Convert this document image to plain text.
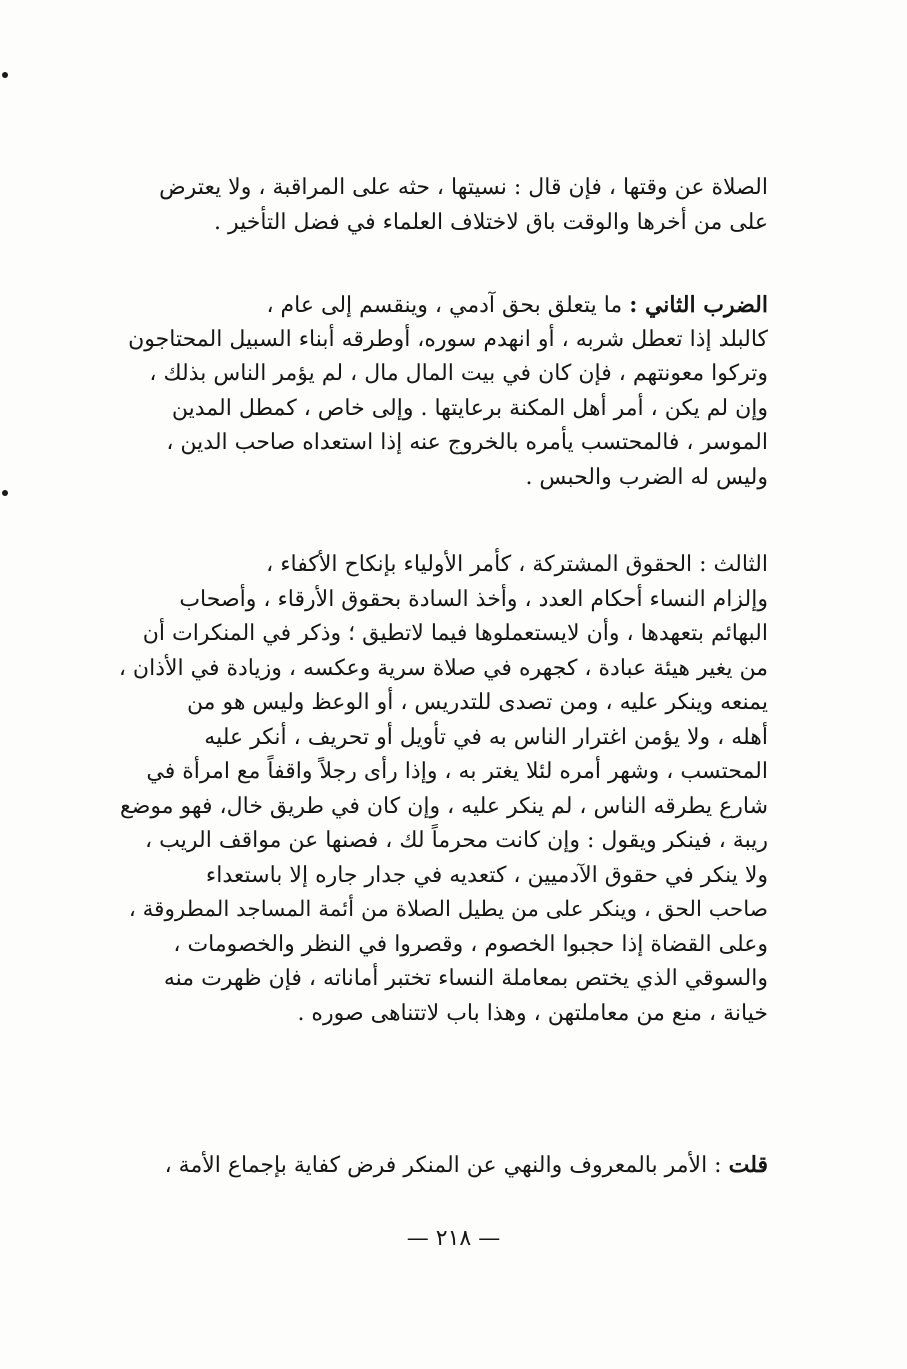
الصلاة عن وقتها ، فإن قال : نسيتها ، حثه على المراقبة ، ولا يعترض
على من أخرها والوقت باق لاختلاف العلماء في فضل التأخير .
الضرب الثاني : ما يتعلق بحق آدمي ، وينقسم إلى عام ،
كالبلد إذا تعطل شربه ، أو انهدم سوره، أوطرقه أبناء السبيل المحتاجون
وتركوا معونتهم ، فإن كان في بيت المال مال ، لم يؤمر الناس بذلك ،
وإن لم يكن ، أمر أهل المكنة برعايتها . وإلى خاص ، كمطل المدين
الموسر ، فالمحتسب يأمره بالخروج عنه إذا استعداه صاحب الدين ،
وليس له الضرب والحبس .
الثالث : الحقوق المشتركة ، كأمر الأولياء بإنكاح الأكفاء ،
وإلزام النساء أحكام العدد ، وأخذ السادة بحقوق الأرقاء ، وأصحاب
البهائم بتعهدها ، وأن لايستعملوها فيما لاتطيق ؛ وذكر في المنكرات أن
من يغير هيئة عبادة ، كجهره في صلاة سرية وعكسه ، وزيادة في الأذان ،
يمنعه وينكر عليه ، ومن تصدى للتدريس ، أو الوعظ وليس هو من
أهله ، ولا يؤمن اغترار الناس به في تأويل أو تحريف ، أنكر عليه
المحتسب ، وشهر أمره لئلا يغتر به ، وإذا رأى رجلاً واقفاً مع امرأة في
شارع يطرقه الناس ، لم ينكر عليه ، وإن كان في طريق خال، فهو موضع
ريبة ، فينكر ويقول : وإن كانت محرماً لك ، فصنها عن مواقف الريب ،
ولا ينكر في حقوق الآدميين ، كتعديه في جدار جاره إلا باستعداء
صاحب الحق ، وينكر على من يطيل الصلاة من أئمة المساجد المطروقة ،
وعلى القضاة إذا حجبوا الخصوم ، وقصروا في النظر والخصومات ،
والسوقي الذي يختص بمعاملة النساء تختبر أماناته ، فإن ظهرت منه
خيانة ، منع من معاملتهن ، وهذا باب لاتتناهى صوره .
قلت : الأمر بالمعروف والنهي عن المنكر فرض كفاية بإجماع الأمة ،
— ٢١٨ —
